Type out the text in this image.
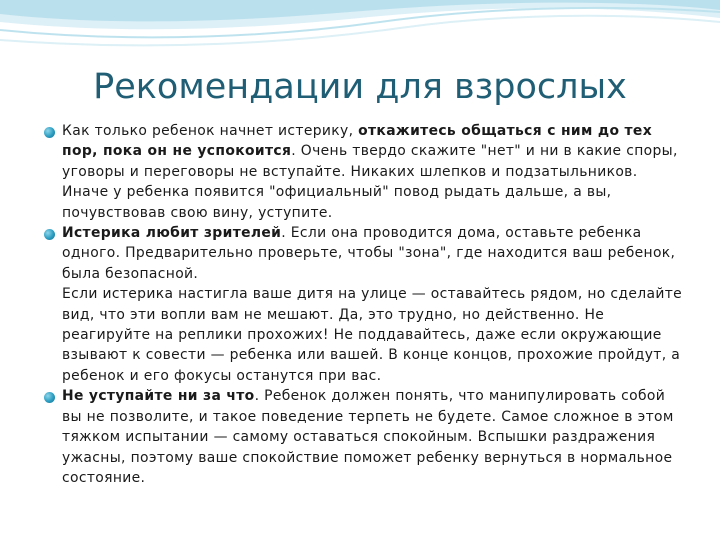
Рекомендации для взрослых
Как только ребенок начнет истерику, откажитесь общаться с ним до тех пор, пока он не успокоится. Очень твердо скажите "нет" и ни в какие споры, уговоры и переговоры не вступайте. Никаких шлепков и подзатыльников. Иначе у ребенка появится "официальный" повод рыдать дальше, а вы, почувствовав свою вину, уступите.
Истерика любит зрителей. Если она проводится дома, оставьте ребенка одного. Предварительно проверьте, чтобы "зона", где находится ваш ребенок, была безопасной.
Если истерика настигла ваше дитя на улице — оставайтесь рядом, но сделайте вид, что эти вопли вам не мешают. Да, это трудно, но действенно. Не реагируйте на реплики прохожих! Не поддавайтесь, даже если окружающие взывают к совести — ребенка или вашей. В конце концов, прохожие пройдут, а ребенок и его фокусы останутся при вас.
Не уступайте ни за что. Ребенок должен понять, что манипулировать собой вы не позволите, и такое поведение терпеть не будете. Самое сложное в этом тяжком испытании — самому оставаться спокойным. Вспышки раздражения ужасны, поэтому ваше спокойствие поможет ребенку вернуться в нормальное состояние.
